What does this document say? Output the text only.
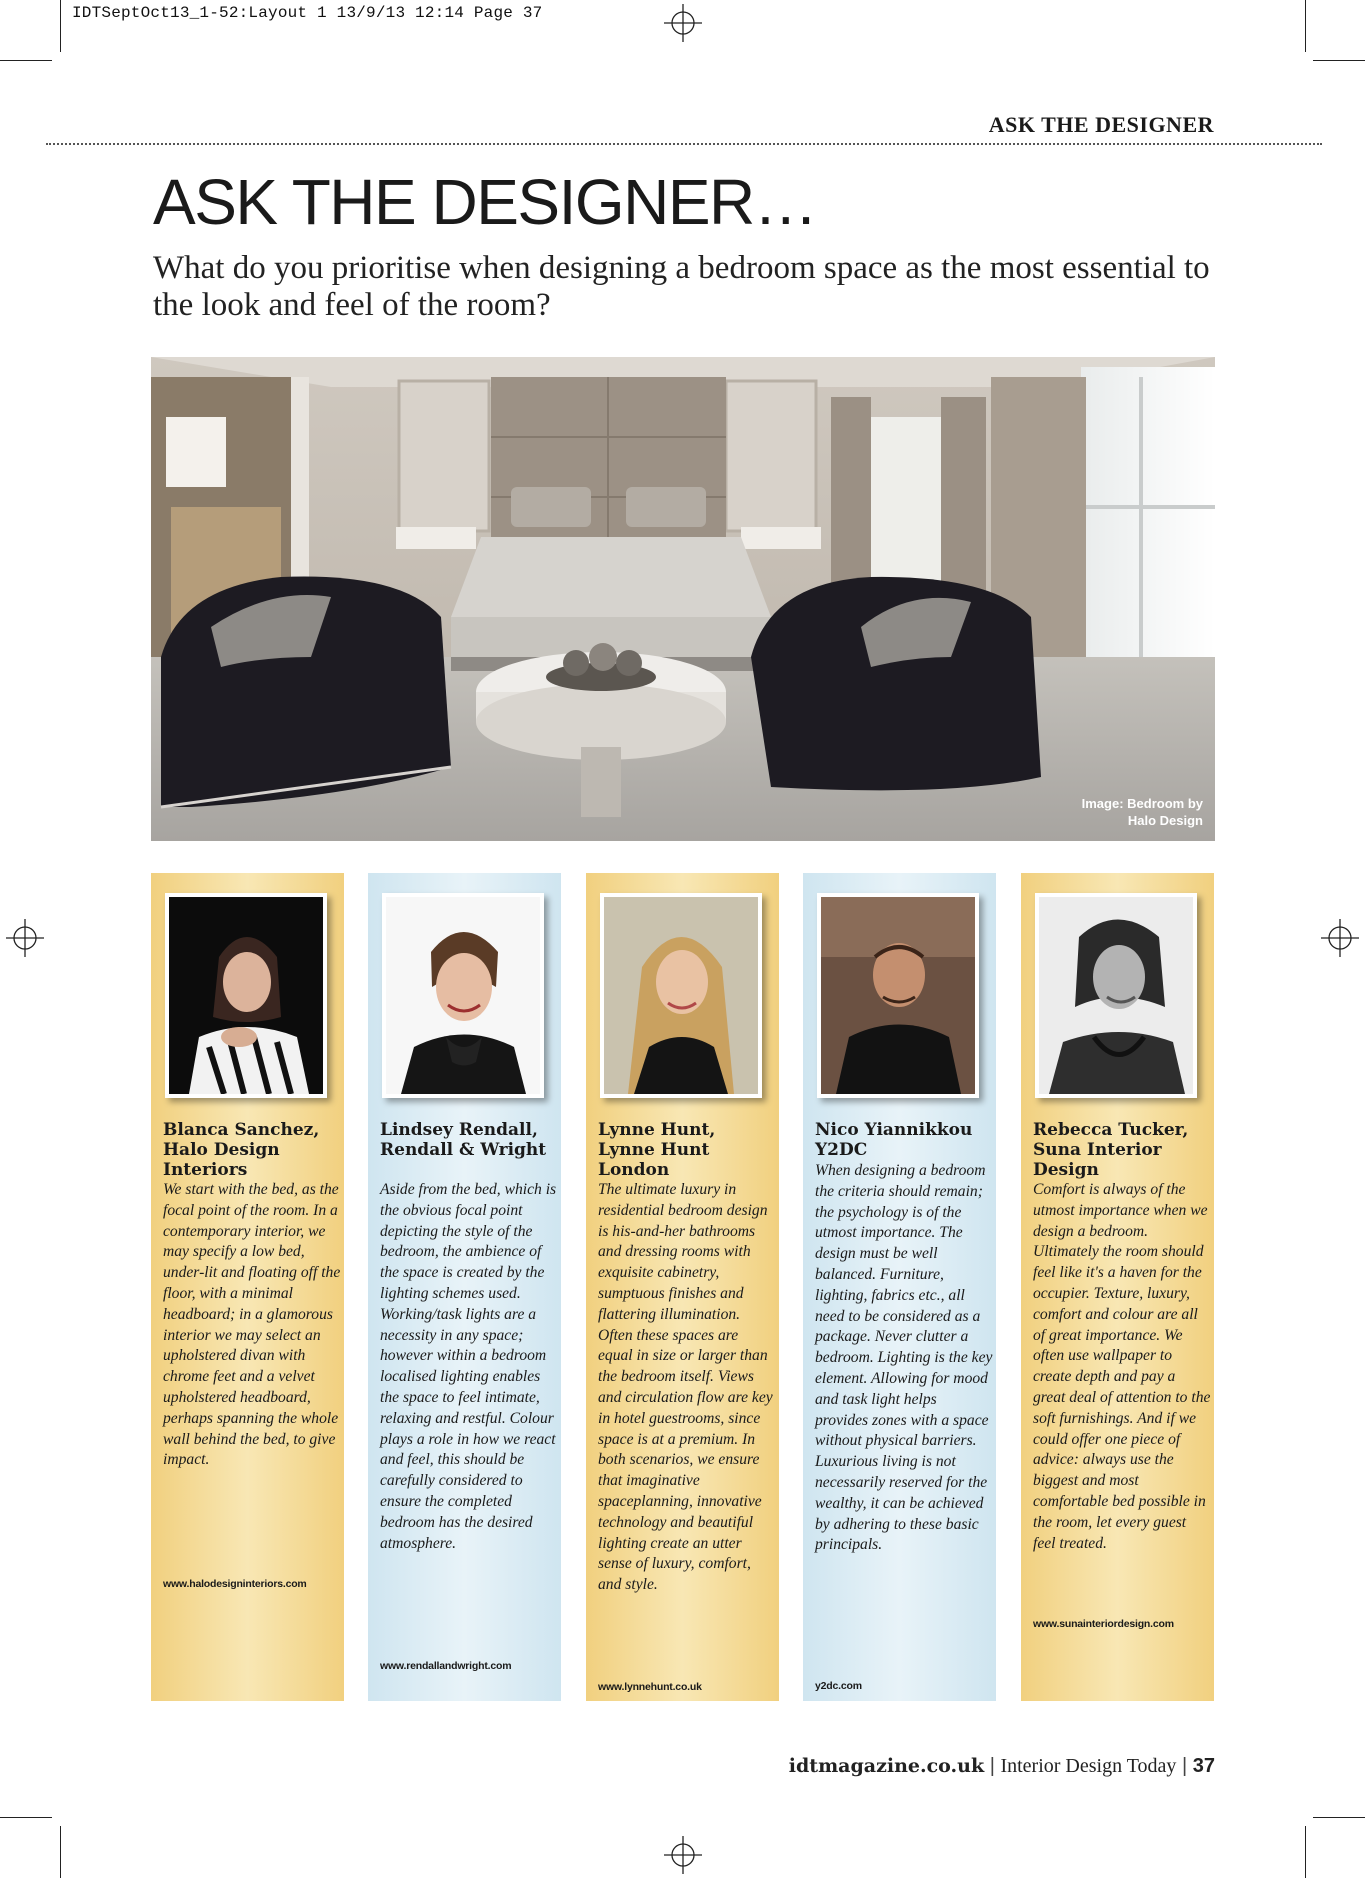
IDTSeptOct13_1-52:Layout 1 13/9/13 12:14 Page 37
ASK THE DESIGNER
ASK THE DESIGNER…

What do you prioritise when designing a bedroom space as the most essential to the look and feel of the room?

Image: Bedroom by
Halo Design
Blanca Sanchez, Halo Design Interiors
We start with the bed, as the focal point of the room. In a contemporary interior, we may specify a low bed, under-lit and floating off the floor, with a minimal headboard; in a glamorous interior we may select an upholstered divan with chrome feet and a velvet upholstered headboard, perhaps spanning the whole wall behind the bed, to give impact.
www.halodesigninteriors.com
Lindsey Rendall, Rendall & Wright
Aside from the bed, which is the obvious focal point depicting the style of the bedroom, the ambience of the space is created by the lighting schemes used. Working/task lights are a necessity in any space; however within a bedroom localised lighting enables the space to feel intimate, relaxing and restful. Colour plays a role in how we react and feel, this should be carefully considered to ensure the completed bedroom has the desired atmosphere.
www.rendallandwright.com
Lynne Hunt, Lynne Hunt London
The ultimate luxury in residential bedroom design is his-and-her bathrooms and dressing rooms with exquisite cabinetry, sumptuous finishes and flattering illumination. Often these spaces are equal in size or larger than the bedroom itself. Views and circulation flow are key in hotel guestrooms, since space is at a premium. In both scenarios, we ensure that imaginative spaceplanning, innovative technology and beautiful lighting create an utter sense of luxury, comfort, and style.
www.lynnehunt.co.uk
Nico Yiannikkou Y2DC
When designing a bedroom the criteria should remain; the psychology is of the utmost importance. The design must be well balanced. Furniture, lighting, fabrics etc., all need to be considered as a package. Never clutter a bedroom. Lighting is the key element. Allowing for mood and task light helps provides zones with a space without physical barriers. Luxurious living is not necessarily reserved for the wealthy, it can be achieved by adhering to these basic principals.
y2dc.com
Rebecca Tucker, Suna Interior Design
Comfort is always of the utmost importance when we design a bedroom. Ultimately the room should feel like it's a haven for the occupier. Texture, luxury, comfort and colour are all of great importance. We often use wallpaper to create depth and pay a great deal of attention to the soft furnishings. And if we could offer one piece of advice: always use the biggest and most comfortable bed possible in the room, let every guest feel treated.
www.sunainteriordesign.com
idtmagazine.co.uk | Interior Design Today | 37
